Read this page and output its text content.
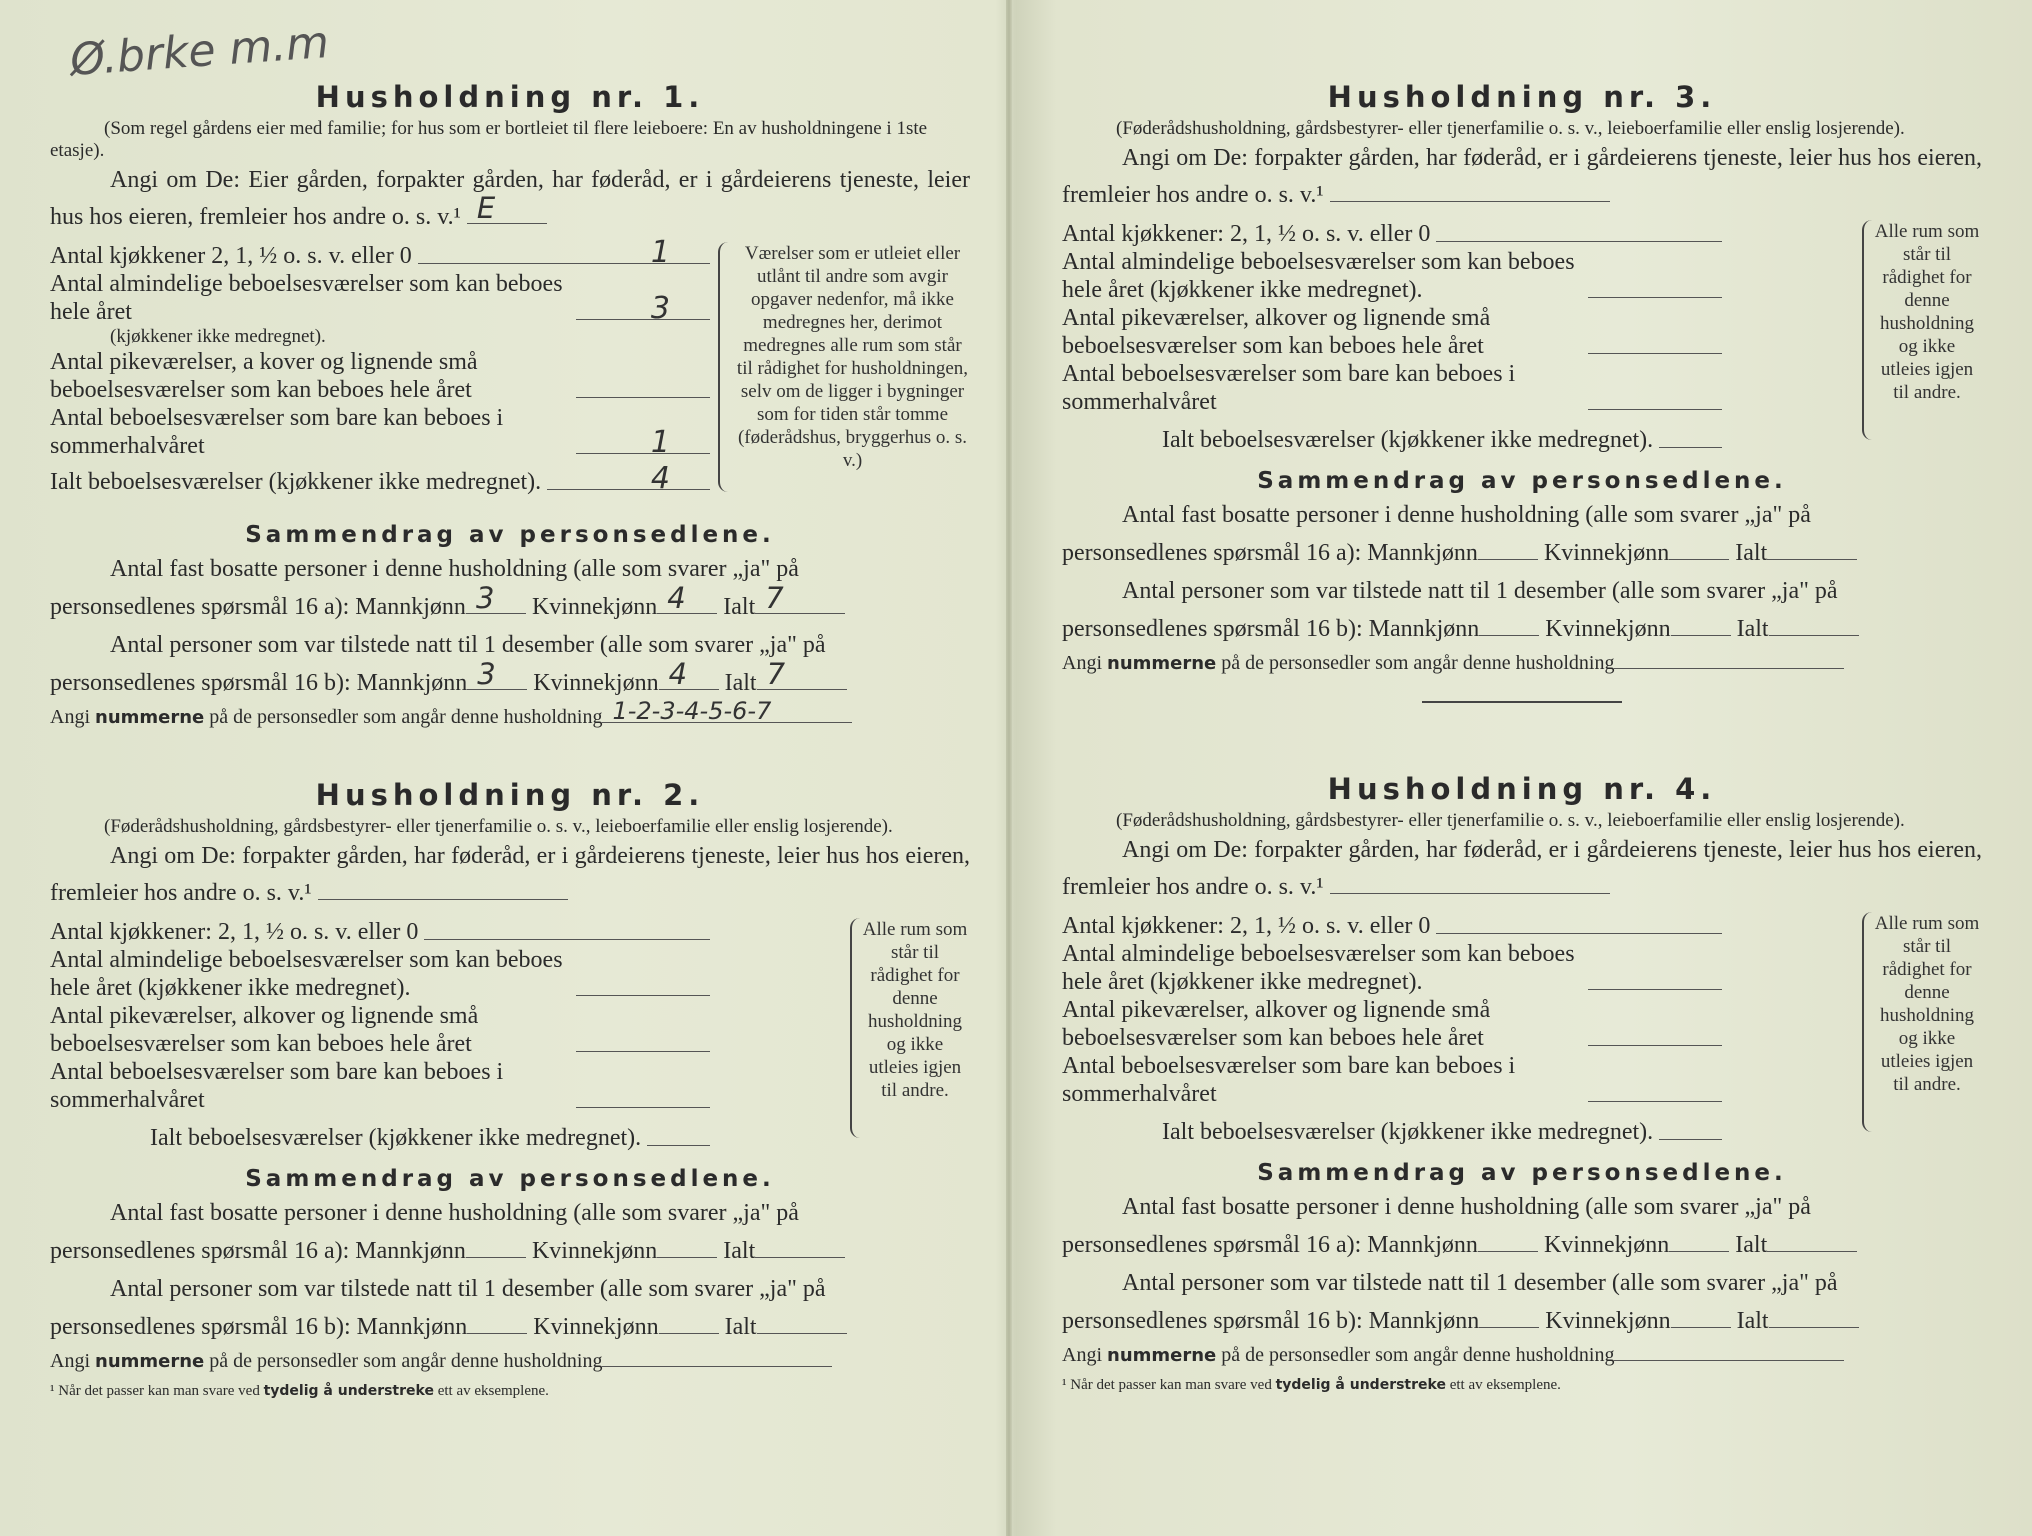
Ø.brke m.m
Husholdning nr. 1.

(Som regel gårdens eier med familie; for hus som er bortleiet til flere leieboere: En av husholdningene i 1ste etasje).

Angi om De: Eier gården, forpakter gården, har føderåd, er i gårdeierens tjeneste, leier hus hos eieren, fremleier hos andre o. s. v.¹ E

Antal kjøkkener 2, 1, ½ o. s. v. eller 0	1
Antal almindelige beboelsesværelser som kan beboes hele året	3
(kjøkkener ikke medregnet).
Antal pikeværelser, a kover og lignende små beboelsesværelser som kan beboes hele året
Antal beboelsesværelser som bare kan beboes i sommerhalvåret	1
Ialt beboelsesværelser (kjøkkener ikke medregnet).	4
Værelser som er utleiet eller utlånt til andre som avgir opgaver nedenfor, må ikke medregnes her, derimot medregnes alle rum som står til rådighet for husholdningen, selv om de ligger i bygninger som for tiden står tomme (føderådshus, bryggerhus o. s. v.)
Sammendrag av personsedlene.
Antal fast bosatte personer i denne husholdning (alle som svarer „ja" på
personsedlenes spørsmål 16 a): Mannkjønn 3 Kvinnekjønn 4 Ialt 7
Antal personer som var tilstede natt til 1 desember (alle som svarer „ja" på
personsedlenes spørsmål 16 b): Mannkjønn 3 Kvinnekjønn 4 Ialt 7
Angi nummerne på de personsedler som angår denne husholdning 1-2-3-4-5-6-7
Husholdning nr. 2.

(Føderådshusholdning, gårdsbestyrer- eller tjenerfamilie o. s. v., leieboerfamilie eller enslig losjerende).

Angi om De: forpakter gården, har føderåd, er i gårdeierens tjeneste, leier hus hos eieren, fremleier hos andre o. s. v.¹

Antal kjøkkener: 2, 1, ½ o. s. v. eller 0
Antal almindelige beboelsesværelser som kan beboes hele året (kjøkkener ikke medregnet).
Antal pikeværelser, alkover og lignende små beboelsesværelser som kan beboes hele året
Antal beboelsesværelser som bare kan beboes i sommerhalvåret
Ialt beboelsesværelser (kjøkkener ikke medregnet).
Alle rum som står til rådighet for denne husholdning og ikke utleies igjen til andre.
Sammendrag av personsedlene.
Antal fast bosatte personer i denne husholdning (alle som svarer „ja" på
personsedlenes spørsmål 16 a): Mannkjønn	Kvinnekjønn	Ialt
Antal personer som var tilstede natt til 1 desember (alle som svarer „ja" på
personsedlenes spørsmål 16 b): Mannkjønn	Kvinnekjønn	Ialt
Angi nummerne på de personsedler som angår denne husholdning
¹ Når det passer kan man svare ved tydelig å understreke ett av eksemplene.
Husholdning nr. 3.

(Føderådshusholdning, gårdsbestyrer- eller tjenerfamilie o. s. v., leieboerfamilie eller enslig losjerende).

Angi om De: forpakter gården, har føderåd, er i gårdeierens tjeneste, leier hus hos eieren, fremleier hos andre o. s. v.¹

Antal kjøkkener: 2, 1, ½ o. s. v. eller 0
Antal almindelige beboelsesværelser som kan beboes hele året (kjøkkener ikke medregnet).
Antal pikeværelser, alkover og lignende små beboelsesværelser som kan beboes hele året
Antal beboelsesværelser som bare kan beboes i sommerhalvåret
Ialt beboelsesværelser (kjøkkener ikke medregnet).
Alle rum som står til rådighet for denne husholdning og ikke utleies igjen til andre.
Sammendrag av personsedlene.
Antal fast bosatte personer i denne husholdning (alle som svarer „ja" på
personsedlenes spørsmål 16 a): Mannkjønn	Kvinnekjønn	Ialt
Antal personer som var tilstede natt til 1 desember (alle som svarer „ja" på
personsedlenes spørsmål 16 b): Mannkjønn	Kvinnekjønn	Ialt
Angi nummerne på de personsedler som angår denne husholdning
Husholdning nr. 4.

(Føderådshusholdning, gårdsbestyrer- eller tjenerfamilie o. s. v., leieboerfamilie eller enslig losjerende).

Angi om De: forpakter gården, har føderåd, er i gårdeierens tjeneste, leier hus hos eieren, fremleier hos andre o. s. v.¹

Antal kjøkkener: 2, 1, ½ o. s. v. eller 0
Antal almindelige beboelsesværelser som kan beboes hele året (kjøkkener ikke medregnet).
Antal pikeværelser, alkover og lignende små beboelsesværelser som kan beboes hele året
Antal beboelsesværelser som bare kan beboes i sommerhalvåret
Ialt beboelsesværelser (kjøkkener ikke medregnet).
Alle rum som står til rådighet for denne husholdning og ikke utleies igjen til andre.
Sammendrag av personsedlene.
Antal fast bosatte personer i denne husholdning (alle som svarer „ja" på
personsedlenes spørsmål 16 a): Mannkjønn	Kvinnekjønn	Ialt
Antal personer som var tilstede natt til 1 desember (alle som svarer „ja" på
personsedlenes spørsmål 16 b): Mannkjønn	Kvinnekjønn	Ialt
Angi nummerne på de personsedler som angår denne husholdning
¹ Når det passer kan man svare ved tydelig å understreke ett av eksemplene.
